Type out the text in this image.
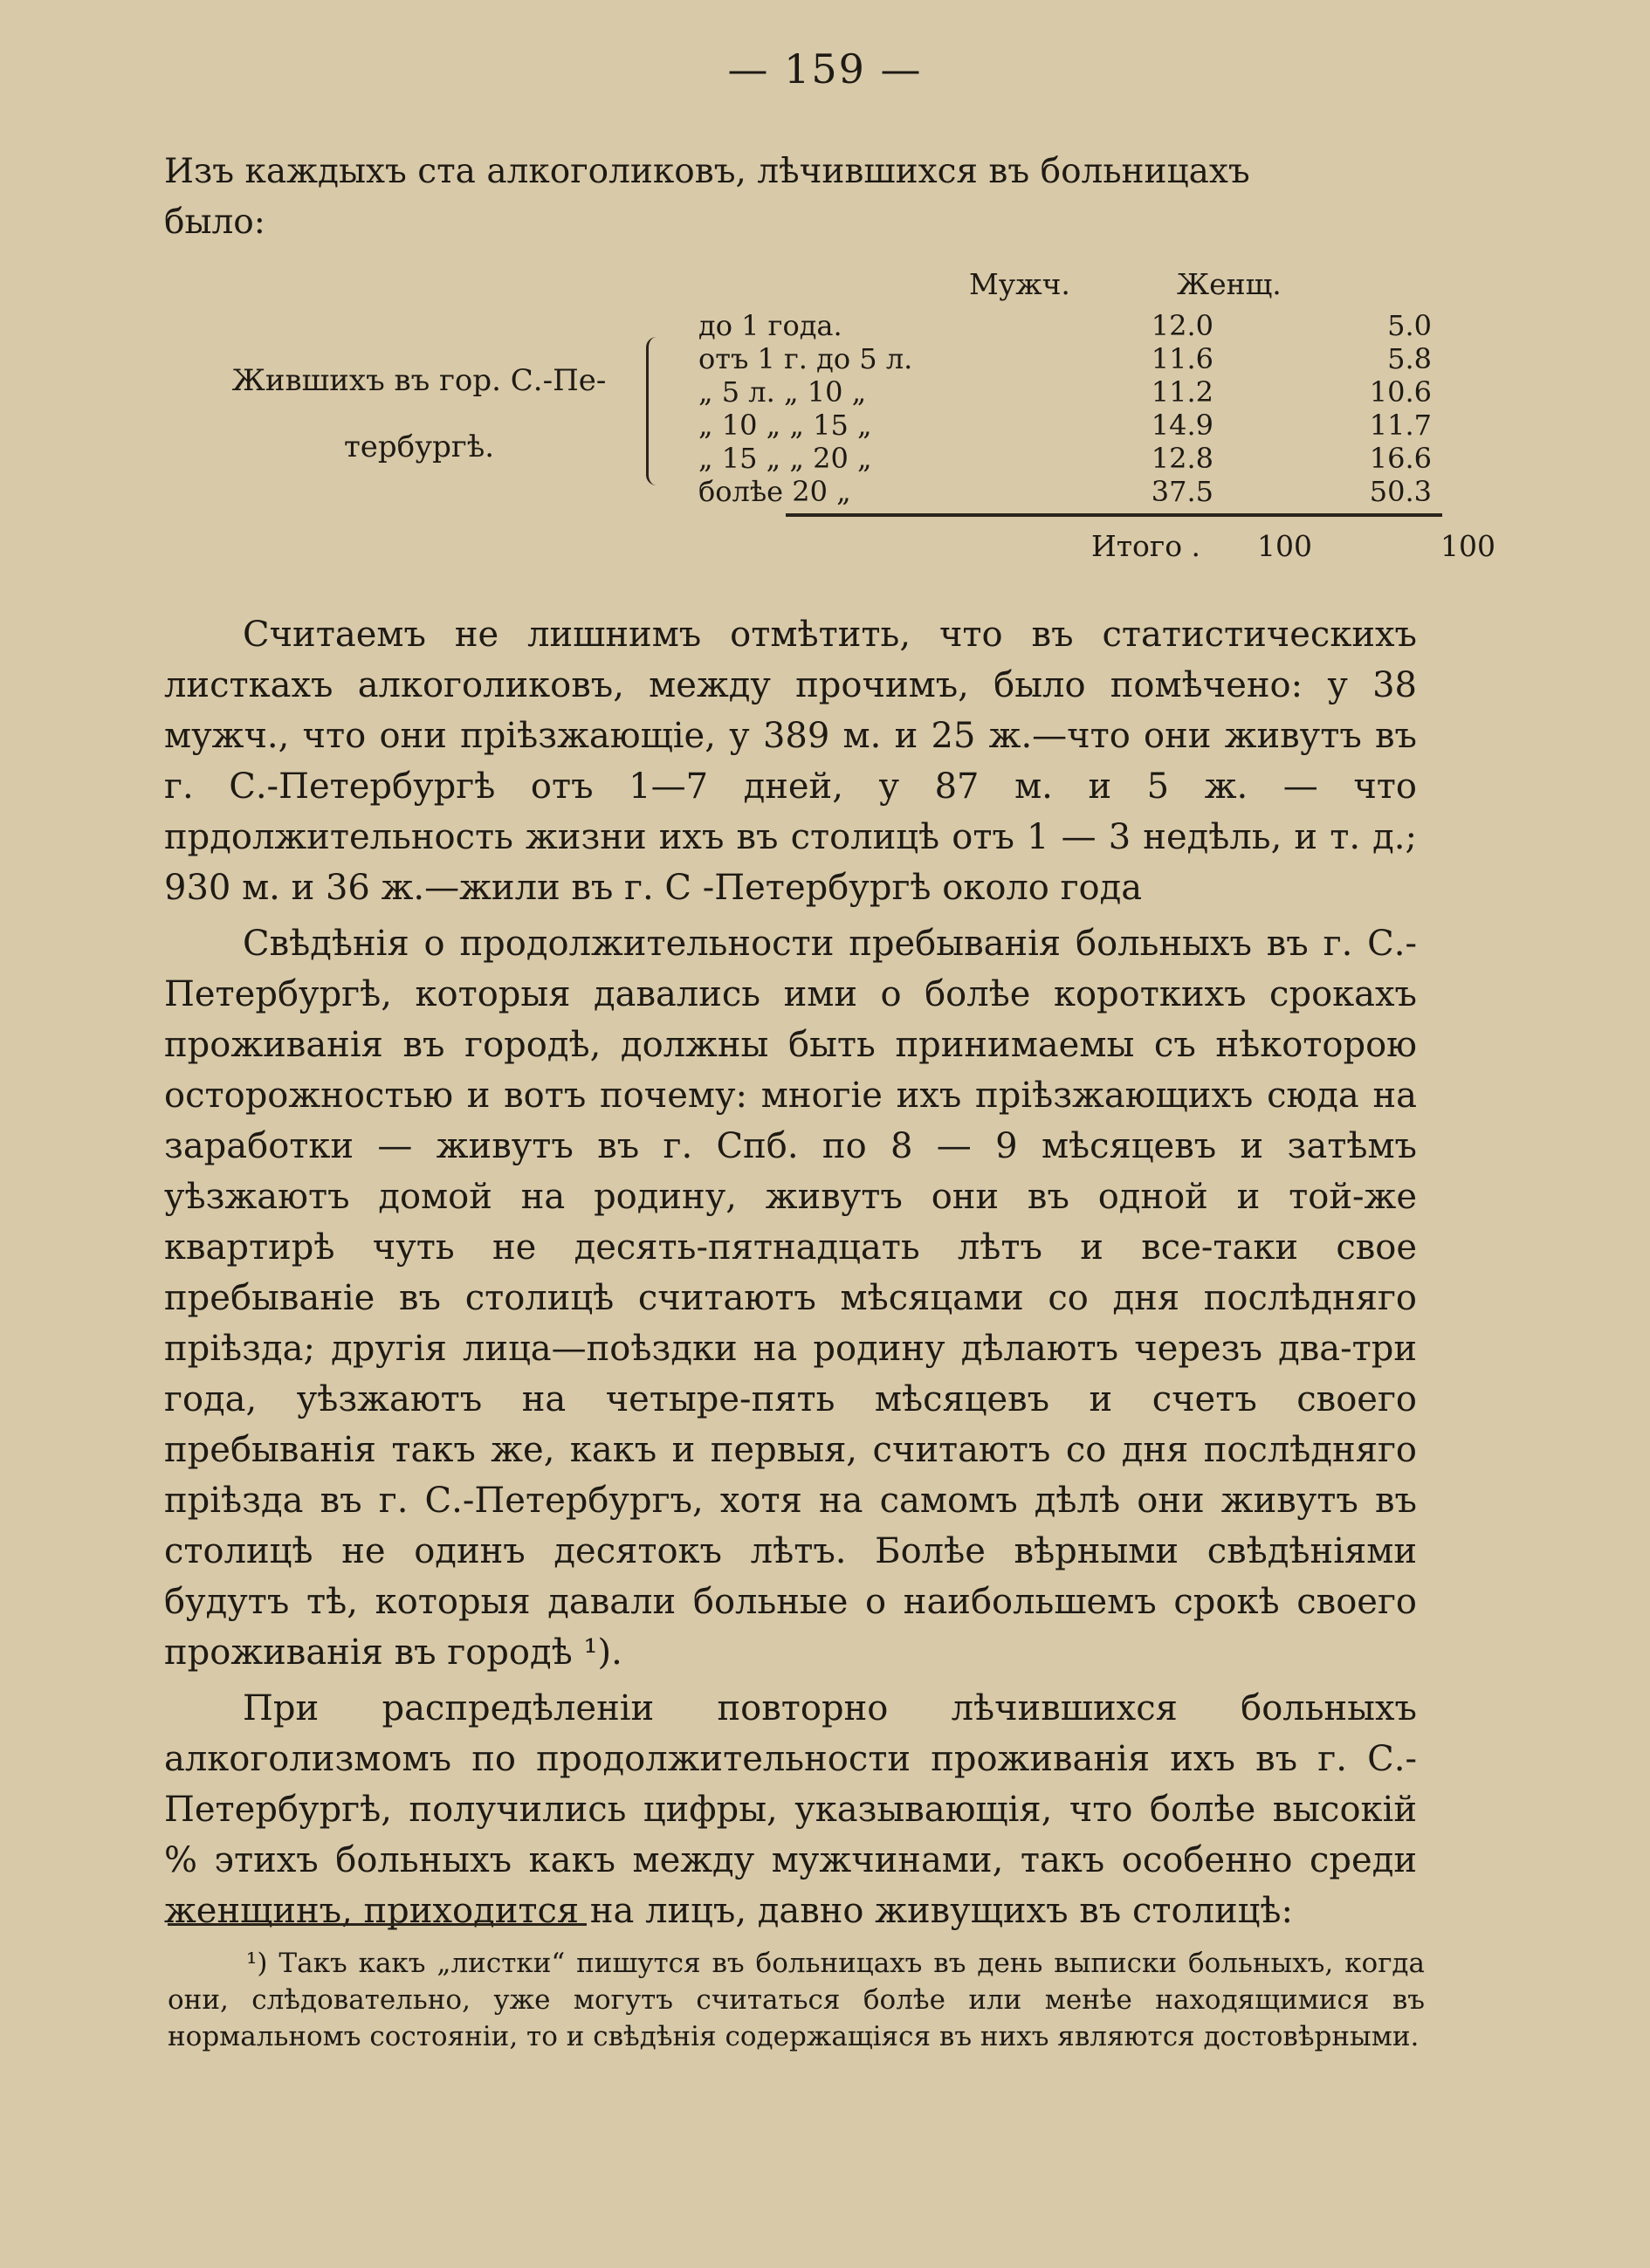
— 159 —
Изъ каждыхъ ста алкоголиковъ, лѣчившихся въ больницахъ
было:
Мужч.	Женщ.
Жившихъ въ гор. С.-Пе-
тербургѣ.
до 1 года.	12.0	5.0
отъ 1 г. до 5 л.	11.6	5.8
„ 5 л. „ 10 „	11.2	10.6
„ 10 „ „ 15 „	14.9	11.7
„ 15 „ „ 20 „	12.8	16.6
болѣе 20 „	37.5	50.3
Итого . 100	100

Считаемъ не лишнимъ отмѣтить, что въ статистическихъ листкахъ алкоголиковъ, между прочимъ, было помѣчено: у 38 мужч., что они пріѣзжающіе, у 389 м. и 25 ж.—что они живутъ въ г. С.-Петербургѣ отъ 1—7 дней, у 87 м. и 5 ж. — что прдолжительность жизни ихъ въ столицѣ отъ 1 — 3 недѣль, и т. д.; 930 м. и 36 ж.—жили въ г. С -Петербургѣ около года

Свѣдѣнія о продолжительности пребыванія больныхъ въ г. С.-Петербургѣ, которыя давались ими о болѣе короткихъ срокахъ проживанія въ городѣ, должны быть принимаемы съ нѣкоторою осторожностью и вотъ почему: многіе ихъ пріѣзжающихъ сюда на заработки — живутъ въ г. Спб. по 8 — 9 мѣсяцевъ и затѣмъ уѣзжаютъ домой на родину, живутъ они въ одной и той-же квартирѣ чуть не десять-пятнадцать лѣтъ и все-таки свое пребываніе въ столицѣ считаютъ мѣсяцами со дня послѣдняго пріѣзда; другія лица—поѣздки на родину дѣлаютъ черезъ два-три года, уѣзжаютъ на четыре-пять мѣсяцевъ и счетъ своего пребыванія такъ же, какъ и первыя, считаютъ со дня послѣдняго пріѣзда въ г. С.-Петербургъ, хотя на самомъ дѣлѣ они живутъ въ столицѣ не одинъ десятокъ лѣтъ. Болѣе вѣрными свѣдѣніями будутъ тѣ, которыя давали больные о наибольшемъ срокѣ своего проживанія въ городѣ ¹).

При распредѣленіи повторно лѣчившихся больныхъ алкоголизмомъ по продолжительности проживанія ихъ въ г. С.-Петербургѣ, получились цифры, указывающія, что болѣе высокій % этихъ больныхъ какъ между мужчинами, такъ особенно среди женщинъ, приходится на лицъ, давно живущихъ въ столицѣ:

¹) Такъ какъ „листки“ пишутся въ больницахъ въ день выписки больныхъ, когда они, слѣдовательно, уже могутъ считаться болѣе или менѣе находящимися въ нормальномъ состояніи, то и свѣдѣнія содержащіяся въ нихъ являются достовѣрными.
